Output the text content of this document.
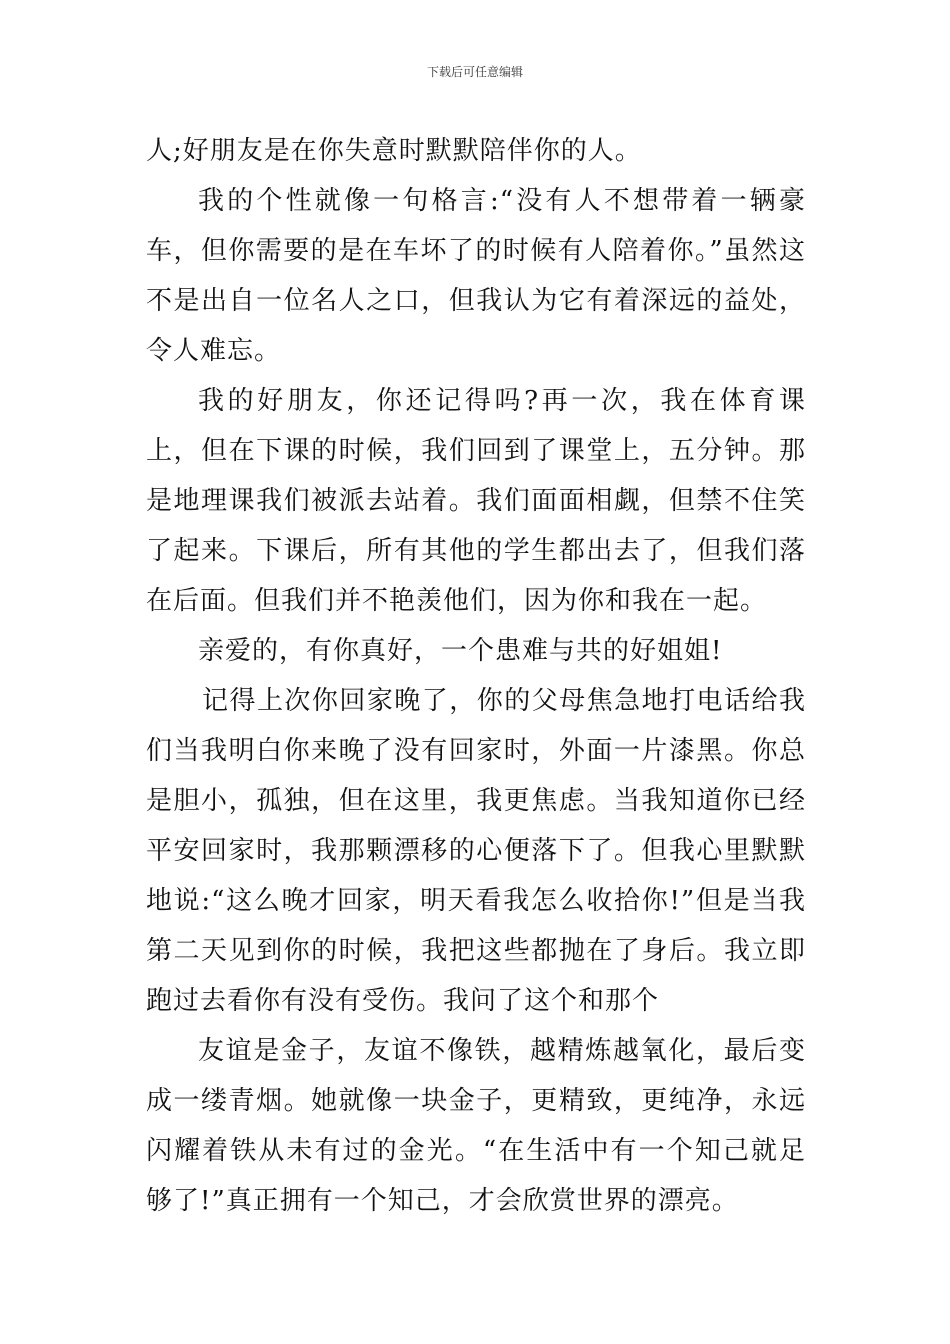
下载后可任意编辑

人;好朋友是在你失意时默默陪伴你的人。

我的个性就像一句格言:“没有人不想带着一辆豪车，但你需要的是在车坏了的时候有人陪着你。”虽然这不是出自一位名人之口，但我认为它有着深远的益处，令人难忘。

我的好朋友，你还记得吗?再一次，我在体育课上，但在下课的时候，我们回到了课堂上，五分钟。那是地理课我们被派去站着。我们面面相觑，但禁不住笑了起来。下课后，所有其他的学生都出去了，但我们落在后面。但我们并不艳羡他们，因为你和我在一起。

亲爱的，有你真好，一个患难与共的好姐姐!

记得上次你回家晚了，你的父母焦急地打电话给我们当我明白你来晚了没有回家时，外面一片漆黑。你总是胆小，孤独，但在这里，我更焦虑。当我知道你已经平安回家时，我那颗漂移的心便落下了。但我心里默默地说:“这么晚才回家，明天看我怎么收拾你!”但是当我第二天见到你的时候，我把这些都抛在了身后。我立即跑过去看你有没有受伤。我问了这个和那个

友谊是金子，友谊不像铁，越精炼越氧化，最后变成一缕青烟。她就像一块金子，更精致，更纯净，永远闪耀着铁从未有过的金光。“在生活中有一个知己就足够了!”真正拥有一个知己，才会欣赏世界的漂亮。
